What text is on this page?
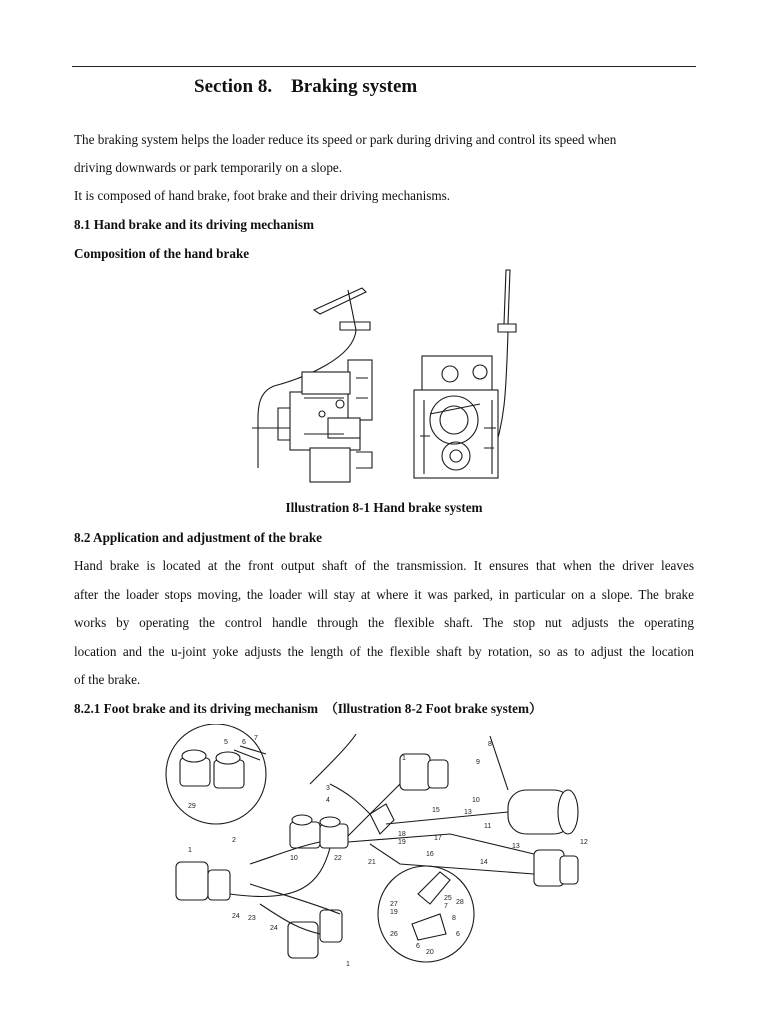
Section 8.    Braking system
The braking system helps the loader reduce its speed or park during driving and control its speed when
driving downwards or park temporarily on a slope.
It is composed of hand brake, foot brake and their driving mechanisms.
8.1 Hand brake and its driving mechanism
Composition of the hand brake
Illustration 8-1 Hand brake system
8.2 Application and adjustment of the brake
Hand brake is located at the front output shaft of the transmission. It ensures that when the driver leaves
after the loader stops moving, the loader will stay at where it was parked, in particular on a slope. The brake
works by operating the control handle through the flexible shaft. The stop nut adjusts the operating
location and the u-joint yoke adjusts the length of the flexible shaft by rotation, so as to adjust the location
of the brake.
8.2.1 Foot brake and its driving mechanism　（Illustration 8-2 Foot brake system）
5 6
7
29
2
3
4
10	22
21
18
19
17
16
14
15	13
10
11
13
12
9
8
1
1
24 23
24
1
27
19
25
7
28
8
26
6
20
6
